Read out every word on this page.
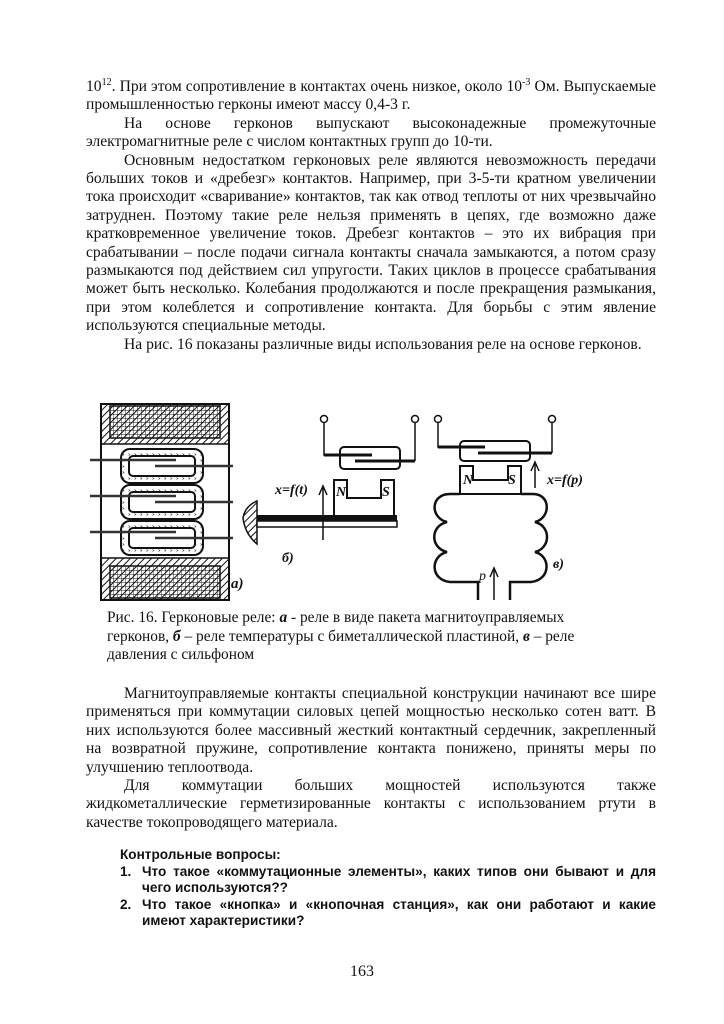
$10^{12}$. При этом сопротивление в контактах очень низкое, около $10^{-3}$ Ом. Выпускаемые промышленностью герконы имеют массу 0,4-3 г.

На основе герконов выпускают высоконадежные промежуточные электромагнитные реле с числом контактных групп до 10-ти.

Основным недостатком герконовых реле являются невозможность передачи больших токов и «дребезг» контактов. Например, при 3-5-ти кратном увеличении тока происходит «сваривание» контактов, так как отвод теплоты от них чрезвычайно затруднен. Поэтому такие реле нельзя применять в цепях, где возможно даже кратковременное увеличение токов. Дребезг контактов – это их вибрация при срабатывании – после подачи сигнала контакты сначала замыкаются, а потом сразу размыкаются под действием сил упругости. Таких циклов в процессе срабатывания может быть несколько. Колебания продолжаются и после прекращения размыкания, при этом колеблется и сопротивление контакта. Для борьбы с этим явление используются специальные методы.

На рис. 16 показаны различные виды использования реле на основе герконов.

а)
N	S
x=f(t)
б)
N S x=f(p)
p
в)
Рис. 16. Герконовые реле: а - реле в виде пакета магнитоуправляемых герконов, б – реле температуры с биметаллической пластиной, в – реле давления с сильфоном

Магнитоуправляемые контакты специальной конструкции начинают все шире применяться при коммутации силовых цепей мощностью несколько сотен ватт. В них используются более массивный жесткий контактный сердечник, закрепленный на возвратной пружине, сопротивление контакта понижено, приняты меры по улучшению теплоотвода.

Для коммутации больших мощностей используются также жидкометаллические герметизированные контакты с использованием ртути в качестве токопроводящего материала.

Контрольные вопросы:

1. Что такое «коммутационные элементы», каких типов они бывают и для чего используются??
2. Что такое «кнопка» и «кнопочная станция», как они работают и какие имеют характеристики?
163
